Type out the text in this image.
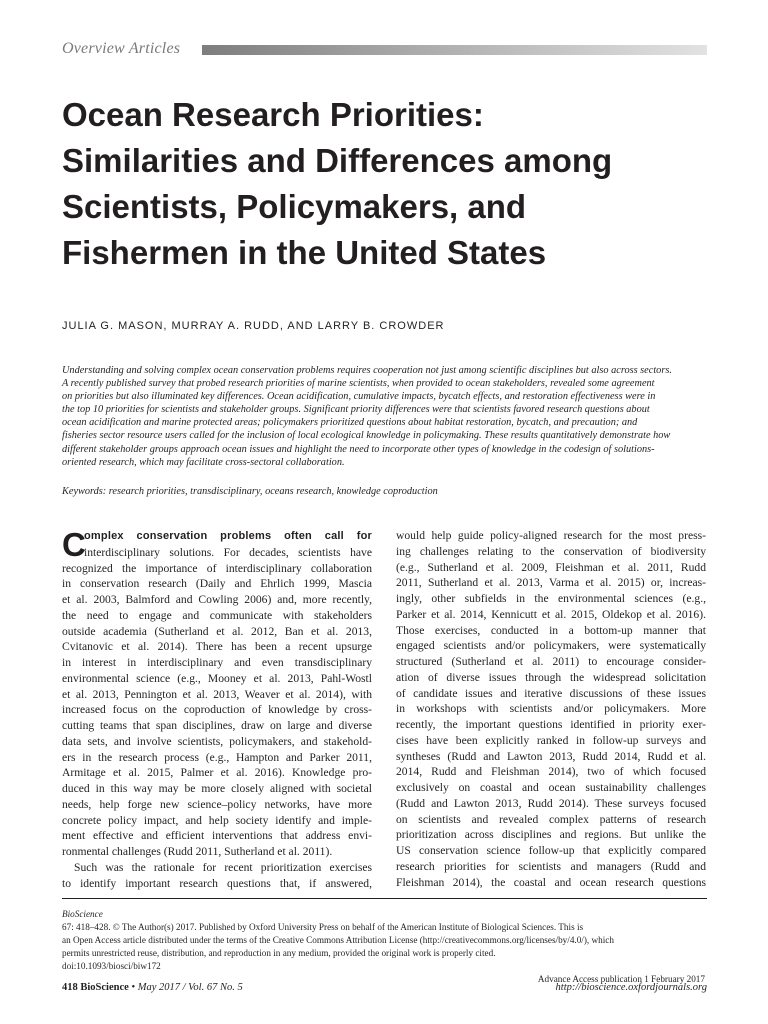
Overview Articles
Ocean Research Priorities:
Similarities and Differences among
Scientists, Policymakers, and
Fishermen in the United States
JULIA G. MASON, MURRAY A. RUDD, AND LARRY B. CROWDER
Understanding and solving complex ocean conservation problems requires cooperation not just among scientific disciplines but also across sectors.
A recently published survey that probed research priorities of marine scientists, when provided to ocean stakeholders, revealed some agreement
on priorities but also illuminated key differences. Ocean acidification, cumulative impacts, bycatch effects, and restoration effectiveness were in
the top 10 priorities for scientists and stakeholder groups. Significant priority differences were that scientists favored research questions about
ocean acidification and marine protected areas; policymakers prioritized questions about habitat restoration, bycatch, and precaution; and
fisheries sector resource users called for the inclusion of local ecological knowledge in policymaking. These results quantitatively demonstrate how
different stakeholder groups approach ocean issues and highlight the need to incorporate other types of knowledge in the codesign of solutions-
oriented research, which may facilitate cross-sectoral collaboration.
Keywords: research priorities, transdisciplinary, oceans research, knowledge coproduction
C
omplex conservation problems often call for
interdisciplinary solutions. For decades, scientists have
recognized the importance of interdisciplinary collaboration
in conservation research (Daily and Ehrlich 1999, Mascia
et al. 2003, Balmford and Cowling 2006) and, more recently,
the need to engage and communicate with stakeholders
outside academia (Sutherland et al. 2012, Ban et al. 2013,
Cvitanovic et al. 2014). There has been a recent upsurge
in interest in interdisciplinary and even transdisciplinary
environmental science (e.g., Mooney et al. 2013, Pahl-Wostl
et al. 2013, Pennington et al. 2013, Weaver et al. 2014), with
increased focus on the coproduction of knowledge by cross-
cutting teams that span disciplines, draw on large and diverse
data sets, and involve scientists, policymakers, and stakehold-
ers in the research process (e.g., Hampton and Parker 2011,
Armitage et al. 2015, Palmer et al. 2016). Knowledge pro-
duced in this way may be more closely aligned with societal
needs, help forge new science–policy networks, have more
concrete policy impact, and help society identify and imple-
ment effective and efficient interventions that address envi-
ronmental challenges (Rudd 2011, Sutherland et al. 2011).
Such was the rationale for recent prioritization exercises
to identify important research questions that, if answered,
would help guide policy-aligned research for the most press-
ing challenges relating to the conservation of biodiversity
(e.g., Sutherland et al. 2009, Fleishman et al. 2011, Rudd
2011, Sutherland et al. 2013, Varma et al. 2015) or, increas-
ingly, other subfields in the environmental sciences (e.g.,
Parker et al. 2014, Kennicutt et al. 2015, Oldekop et al. 2016).
Those exercises, conducted in a bottom-up manner that
engaged scientists and/or policymakers, were systematically
structured (Sutherland et al. 2011) to encourage consider-
ation of diverse issues through the widespread solicitation
of candidate issues and iterative discussions of these issues
in workshops with scientists and/or policymakers. More
recently, the important questions identified in priority exer-
cises have been explicitly ranked in follow-up surveys and
syntheses (Rudd and Lawton 2013, Rudd 2014, Rudd et al.
2014, Rudd and Fleishman 2014), two of which focused
exclusively on coastal and ocean sustainability challenges
(Rudd and Lawton 2013, Rudd 2014). These surveys focused
on scientists and revealed complex patterns of research
prioritization across disciplines and regions. But unlike the
US conservation science follow-up that explicitly compared
research priorities for scientists and managers (Rudd and
Fleishman 2014), the coastal and ocean research questions
BioScience
67: 418–428. © The Author(s) 2017. Published by Oxford University Press on behalf of the American Institute of Biological Sciences. This is
an Open Access article distributed under the terms of the Creative Commons Attribution License (http://creativecommons.org/licenses/by/4.0/), which
permits unrestricted reuse, distribution, and reproduction in any medium, provided the original work is properly cited.
doi:10.1093/biosci/biw172
Advance Access publication 1 February 2017
418 BioScience • May 2017 / Vol. 67 No. 5	http://bioscience.oxfordjournals.org
